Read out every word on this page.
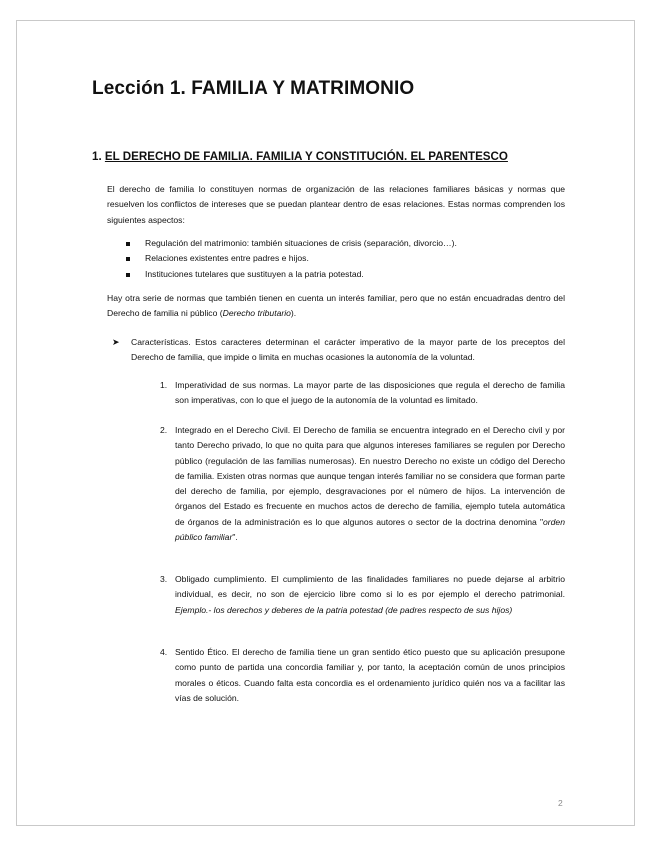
Lección 1. FAMILIA Y MATRIMONIO
1. EL DERECHO DE FAMILIA. FAMILIA Y CONSTITUCIÓN. EL PARENTESCO

El derecho de familia lo constituyen normas de organización de las relaciones familiares básicas y normas que resuelven los conflictos de intereses que se puedan plantear dentro de esas relaciones. Estas normas comprenden los siguientes aspectos:

Regulación del matrimonio: también situaciones de crisis (separación, divorcio…).
Relaciones existentes entre padres e hijos.
Instituciones tutelares que sustituyen a la patria potestad.

Hay otra serie de normas que también tienen en cuenta un interés familiar, pero que no están encuadradas dentro del Derecho de familia ni público (Derecho tributario).

➤ Características. Estos caracteres determinan el carácter imperativo de la mayor parte de los preceptos del Derecho de familia, que impide o limita en muchas ocasiones la autonomía de la voluntad.
1. Imperatividad de sus normas. La mayor parte de las disposiciones que regula el derecho de familia son imperativas, con lo que el juego de la autonomía de la voluntad es limitado.
2. Integrado en el Derecho Civil. El Derecho de familia se encuentra integrado en el Derecho civil y por tanto Derecho privado, lo que no quita para que algunos intereses familiares se regulen por Derecho público (regulación de las familias numerosas). En nuestro Derecho no existe un código del Derecho de familia. Existen otras normas que aunque tengan interés familiar no se considera que forman parte del derecho de familia, por ejemplo, desgravaciones por el número de hijos. La intervención de órganos del Estado es frecuente en muchos actos de derecho de familia, ejemplo tutela automática de órganos de la administración es lo que algunos autores o sector de la doctrina denomina "orden público familiar".
3. Obligado cumplimiento. El cumplimiento de las finalidades familiares no puede dejarse al arbitrio individual, es decir, no son de ejercicio libre como si lo es por ejemplo el derecho patrimonial. Ejemplo.- los derechos y deberes de la patria potestad (de padres respecto de sus hijos)
4. Sentido Ético. El derecho de familia tiene un gran sentido ético puesto que su aplicación presupone como punto de partida una concordia familiar y, por tanto, la aceptación común de unos principios morales o éticos. Cuando falta esta concordia es el ordenamiento jurídico quién nos va a facilitar las vías de solución.
2
